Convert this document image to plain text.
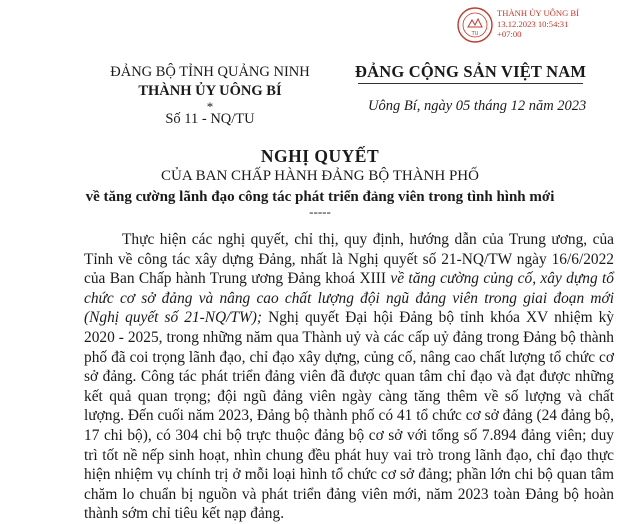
TU
THÀNH ỦY UÔNG BÍ
13.12.2023 10:54:31
+07:00
ĐẢNG BỘ TỈNH QUẢNG NINH
THÀNH ỦY UÔNG BÍ
*
Số 11 - NQ/TU
ĐẢNG CỘNG SẢN VIỆT NAM
Uông Bí, ngày 05 tháng 12 năm 2023
NGHỊ QUYẾT
CỦA BAN CHẤP HÀNH ĐẢNG BỘ THÀNH PHỐ
về tăng cường lãnh đạo công tác phát triển đảng viên trong tình hình mới
-----

Thực hiện các nghị quyết, chỉ thị, quy định, hướng dẫn của Trung ương, của Tỉnh về công tác xây dựng Đảng, nhất là Nghị quyết số 21-NQ/TW ngày 16/6/2022 của Ban Chấp hành Trung ương Đảng khoá XIII về tăng cường củng cố, xây dựng tổ chức cơ sở đảng và nâng cao chất lượng đội ngũ đảng viên trong giai đoạn mới (Nghị quyết số 21-NQ/TW); Nghị quyết Đại hội Đảng bộ tỉnh khóa XV nhiệm kỳ 2020 - 2025, trong những năm qua Thành uỷ và các cấp uỷ đảng trong Đảng bộ thành phố đã coi trọng lãnh đạo, chỉ đạo xây dựng, củng cố, nâng cao chất lượng tổ chức cơ sở đảng. Công tác phát triển đảng viên đã được quan tâm chỉ đạo và đạt được những kết quả quan trọng; đội ngũ đảng viên ngày càng tăng thêm về số lượng và chất lượng. Đến cuối năm 2023, Đảng bộ thành phố có 41 tổ chức cơ sở đảng (24 đảng bộ, 17 chi bộ), có 304 chi bộ trực thuộc đảng bộ cơ sở với tổng số 7.894 đảng viên; duy trì tốt nề nếp sinh hoạt, nhìn chung đều phát huy vai trò trong lãnh đạo, chỉ đạo thực hiện nhiệm vụ chính trị ở mỗi loại hình tổ chức cơ sở đảng; phần lớn chi bộ quan tâm chăm lo chuẩn bị nguồn và phát triển đảng viên mới, năm 2023 toàn Đảng bộ hoàn thành sớm chỉ tiêu kết nạp đảng.
